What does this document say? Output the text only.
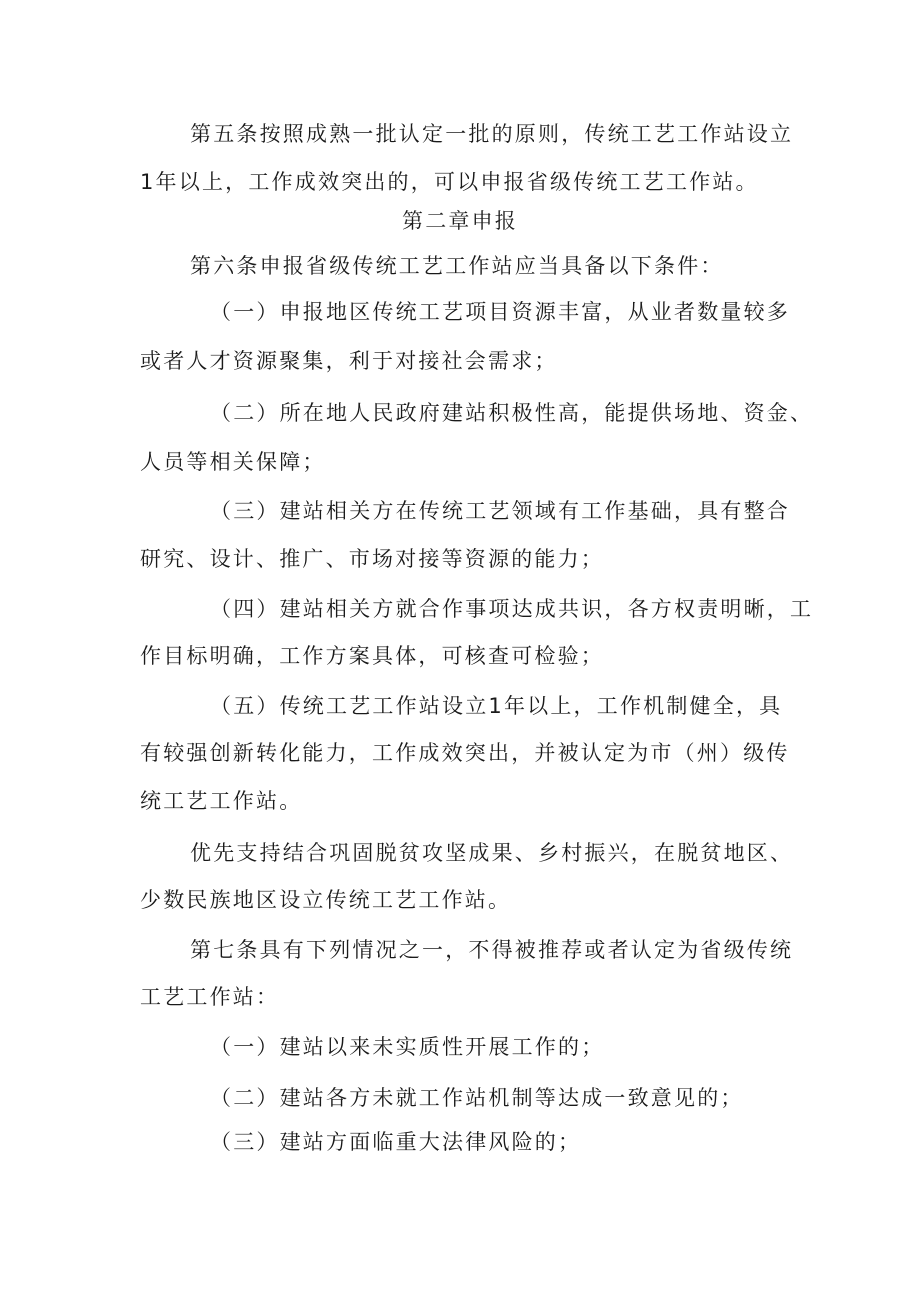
第五条按照成熟一批认定一批的原则，传统工艺工作站设立
1年以上，工作成效突出的，可以申报省级传统工艺工作站。
第二章申报
第六条申报省级传统工艺工作站应当具备以下条件：
（一）申报地区传统工艺项目资源丰富，从业者数量较多
或者人才资源聚集，利于对接社会需求；
（二）所在地人民政府建站积极性高，能提供场地、资金、
人员等相关保障；
（三）建站相关方在传统工艺领域有工作基础，具有整合
研究、设计、推广、市场对接等资源的能力；
（四）建站相关方就合作事项达成共识，各方权责明晰，工
作目标明确，工作方案具体，可核查可检验；
（五）传统工艺工作站设立1年以上，工作机制健全，具
有较强创新转化能力，工作成效突出，并被认定为市（州）级传
统工艺工作站。
优先支持结合巩固脱贫攻坚成果、乡村振兴，在脱贫地区、
少数民族地区设立传统工艺工作站。
第七条具有下列情况之一，不得被推荐或者认定为省级传统
工艺工作站：
（一）建站以来未实质性开展工作的；
（二）建站各方未就工作站机制等达成一致意见的；
（三）建站方面临重大法律风险的；
